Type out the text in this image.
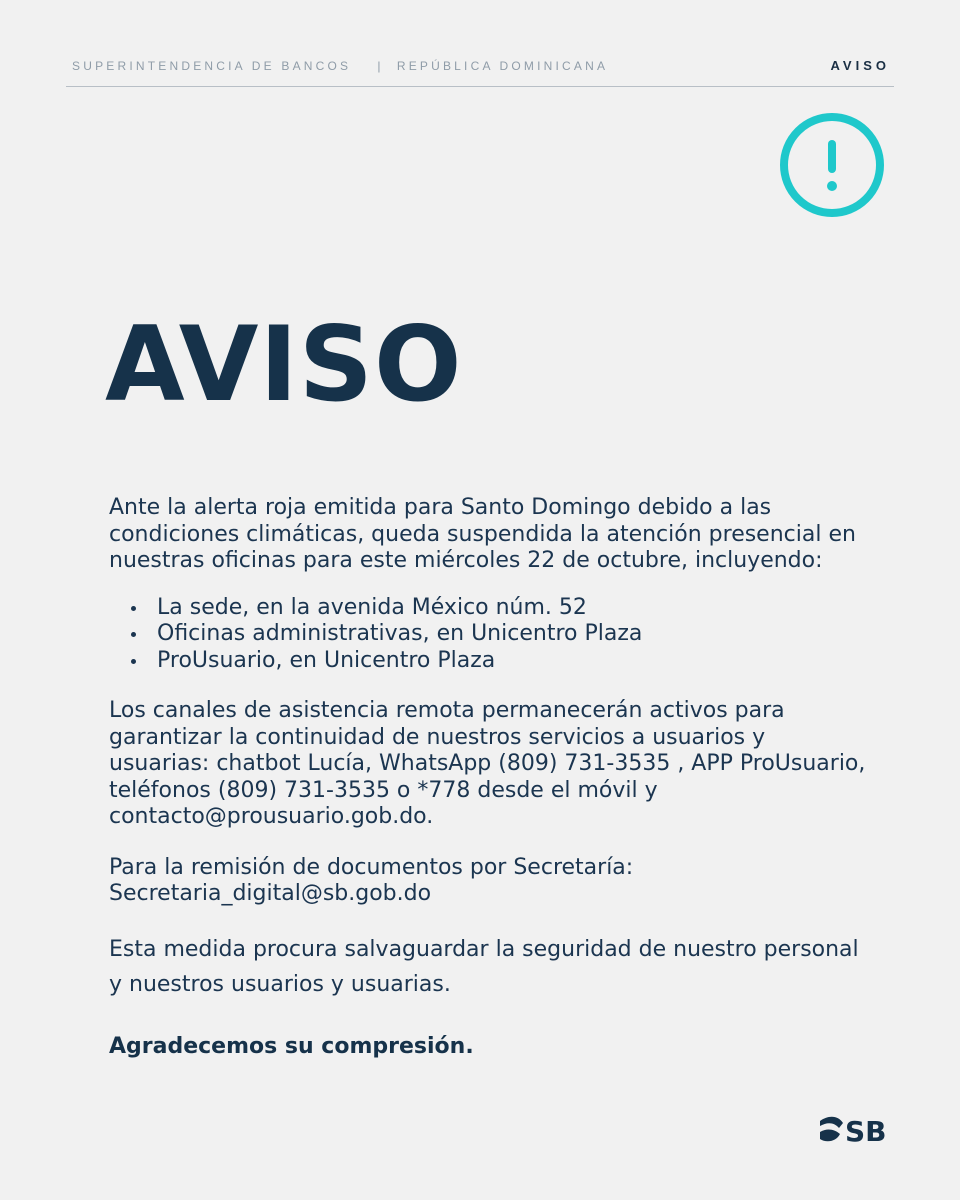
SUPERINTENDENCIA DE BANCOS | REPÚBLICA DOMINICANA	AVISO
AVISO

Ante la alerta roja emitida para Santo Domingo debido a las condiciones climáticas, queda suspendida la atención presencial en nuestras oficinas para este miércoles 22 de octubre, incluyendo:

La sede, en la avenida México núm. 52
Oficinas administrativas, en Unicentro Plaza
ProUsuario, en Unicentro Plaza

Los canales de asistencia remota permanecerán activos para garantizar la continuidad de nuestros servicios a usuarios y usuarias: chatbot Lucía, WhatsApp (809) 731-3535 , APP ProUsuario, teléfonos (809) 731-3535 o *778 desde el móvil y contacto@prousuario.gob.do.

Para la remisión de documentos por Secretaría:
Secretaria_digital@sb.gob.do

Esta medida procura salvaguardar la seguridad de nuestro personal y nuestros usuarios y usuarias.

Agradecemos su compresión.

SB
